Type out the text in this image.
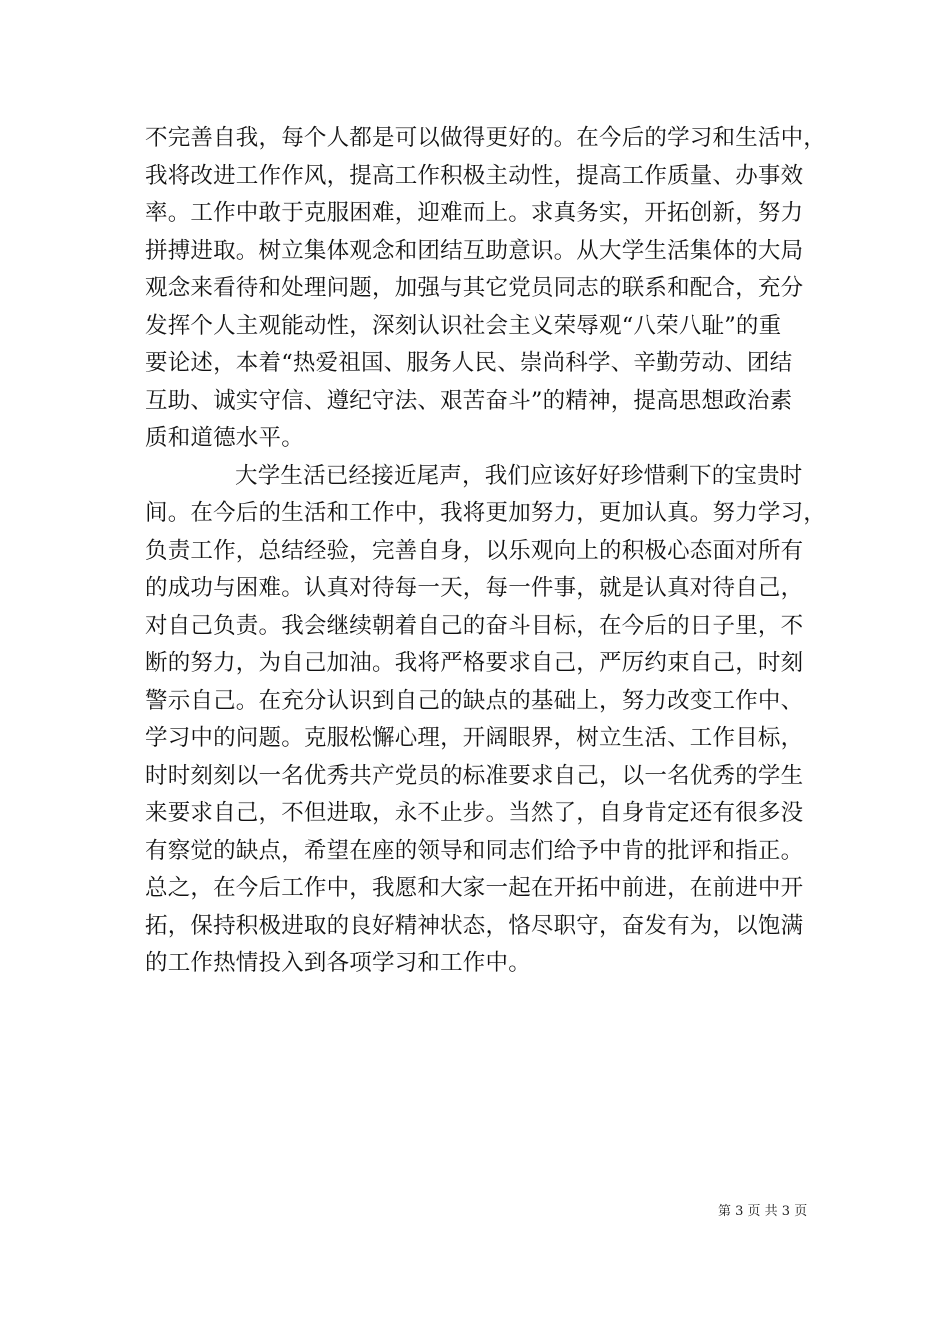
不完善自我，每个人都是可以做得更好的。在今后的学习和生活中，
我将改进工作作风，提高工作积极主动性，提高工作质量、办事效
率。工作中敢于克服困难，迎难而上。求真务实，开拓创新，努力
拼搏进取。树立集体观念和团结互助意识。从大学生活集体的大局
观念来看待和处理问题，加强与其它党员同志的联系和配合，充分
发挥个人主观能动性，深刻认识社会主义荣辱观“八荣八耻”的重
要论述，本着“热爱祖国、服务人民、崇尚科学、辛勤劳动、团结
互助、诚实守信、遵纪守法、艰苦奋斗”的精神，提高思想政治素
质和道德水平。
大学生活已经接近尾声，我们应该好好珍惜剩下的宝贵时
间。在今后的生活和工作中，我将更加努力，更加认真。努力学习，
负责工作，总结经验，完善自身，以乐观向上的积极心态面对所有
的成功与困难。认真对待每一天，每一件事，就是认真对待自己，
对自己负责。我会继续朝着自己的奋斗目标，在今后的日子里，不
断的努力，为自己加油。我将严格要求自己，严厉约束自己，时刻
警示自己。在充分认识到自己的缺点的基础上，努力改变工作中、
学习中的问题。克服松懈心理，开阔眼界，树立生活、工作目标，
时时刻刻以一名优秀共产党员的标准要求自己，以一名优秀的学生
来要求自己，不但进取，永不止步。当然了，自身肯定还有很多没
有察觉的缺点，希望在座的领导和同志们给予中肯的批评和指正。
总之，在今后工作中，我愿和大家一起在开拓中前进，在前进中开
拓，保持积极进取的良好精神状态，恪尽职守，奋发有为，以饱满
的工作热情投入到各项学习和工作中。
第 3 页 共 3 页
